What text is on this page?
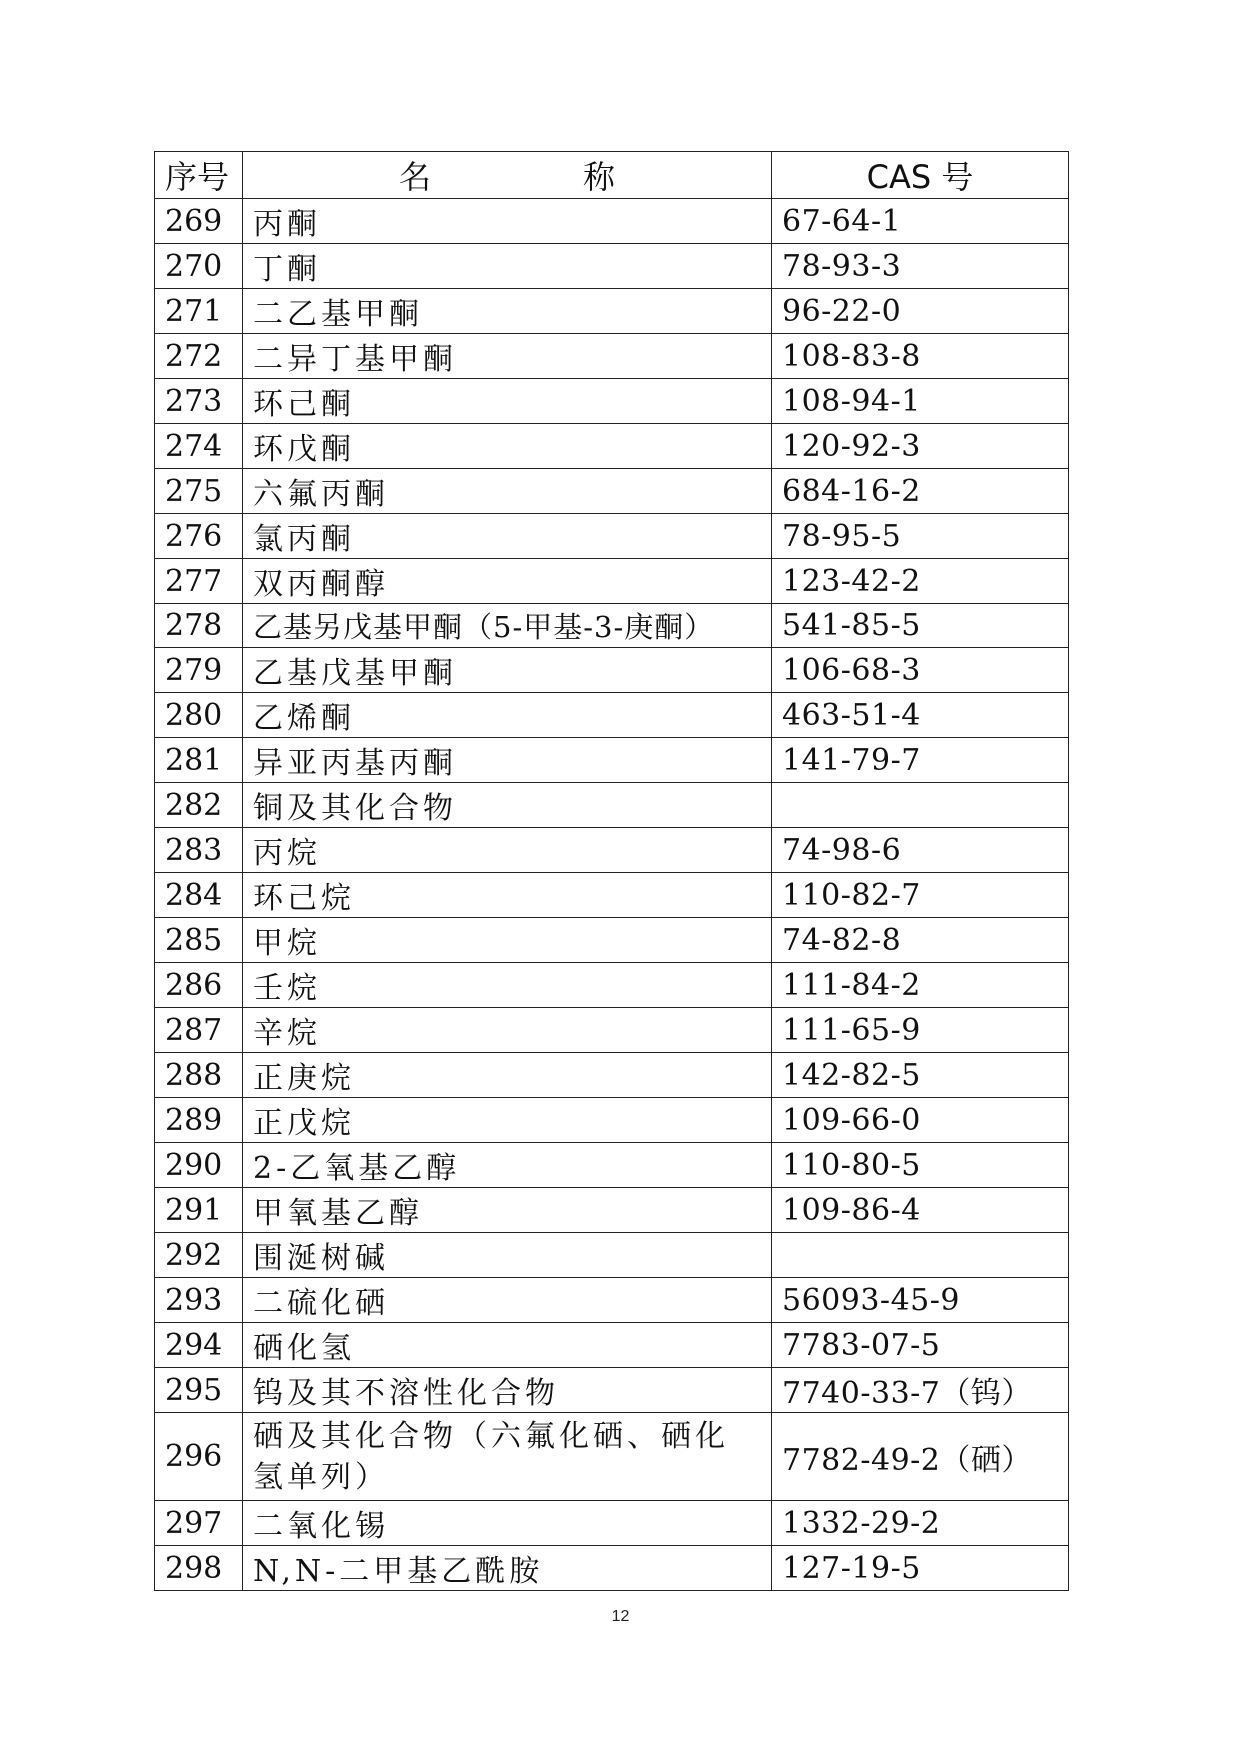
序号	名　称	CAS 号
269	丙酮	67-64-1
270	丁酮	78-93-3
271	二乙基甲酮	96-22-0
272	二异丁基甲酮	108-83-8
273	环己酮	108-94-1
274	环戊酮	120-92-3
275	六氟丙酮	684-16-2
276	氯丙酮	78-95-5
277	双丙酮醇	123-42-2
278	乙基另戊基甲酮（5-甲基-3-庚酮）	541-85-5
279	乙基戊基甲酮	106-68-3
280	乙烯酮	463-51-4
281	异亚丙基丙酮	141-79-7
282	铜及其化合物	
283	丙烷	74-98-6
284	环己烷	110-82-7
285	甲烷	74-82-8
286	壬烷	111-84-2
287	辛烷	111-65-9
288	正庚烷	142-82-5
289	正戊烷	109-66-0
290	2-乙氧基乙醇	110-80-5
291	甲氧基乙醇	109-86-4
292	围涎树碱	
293	二硫化硒	56093-45-9
294	硒化氢	7783-07-5
295	钨及其不溶性化合物	7740-33-7（钨）
296	硒及其化合物（六氟化硒、硒化氢单列）	7782-49-2（硒）
297	二氧化锡	1332-29-2
298	N,N-二甲基乙酰胺	127-19-5
12
